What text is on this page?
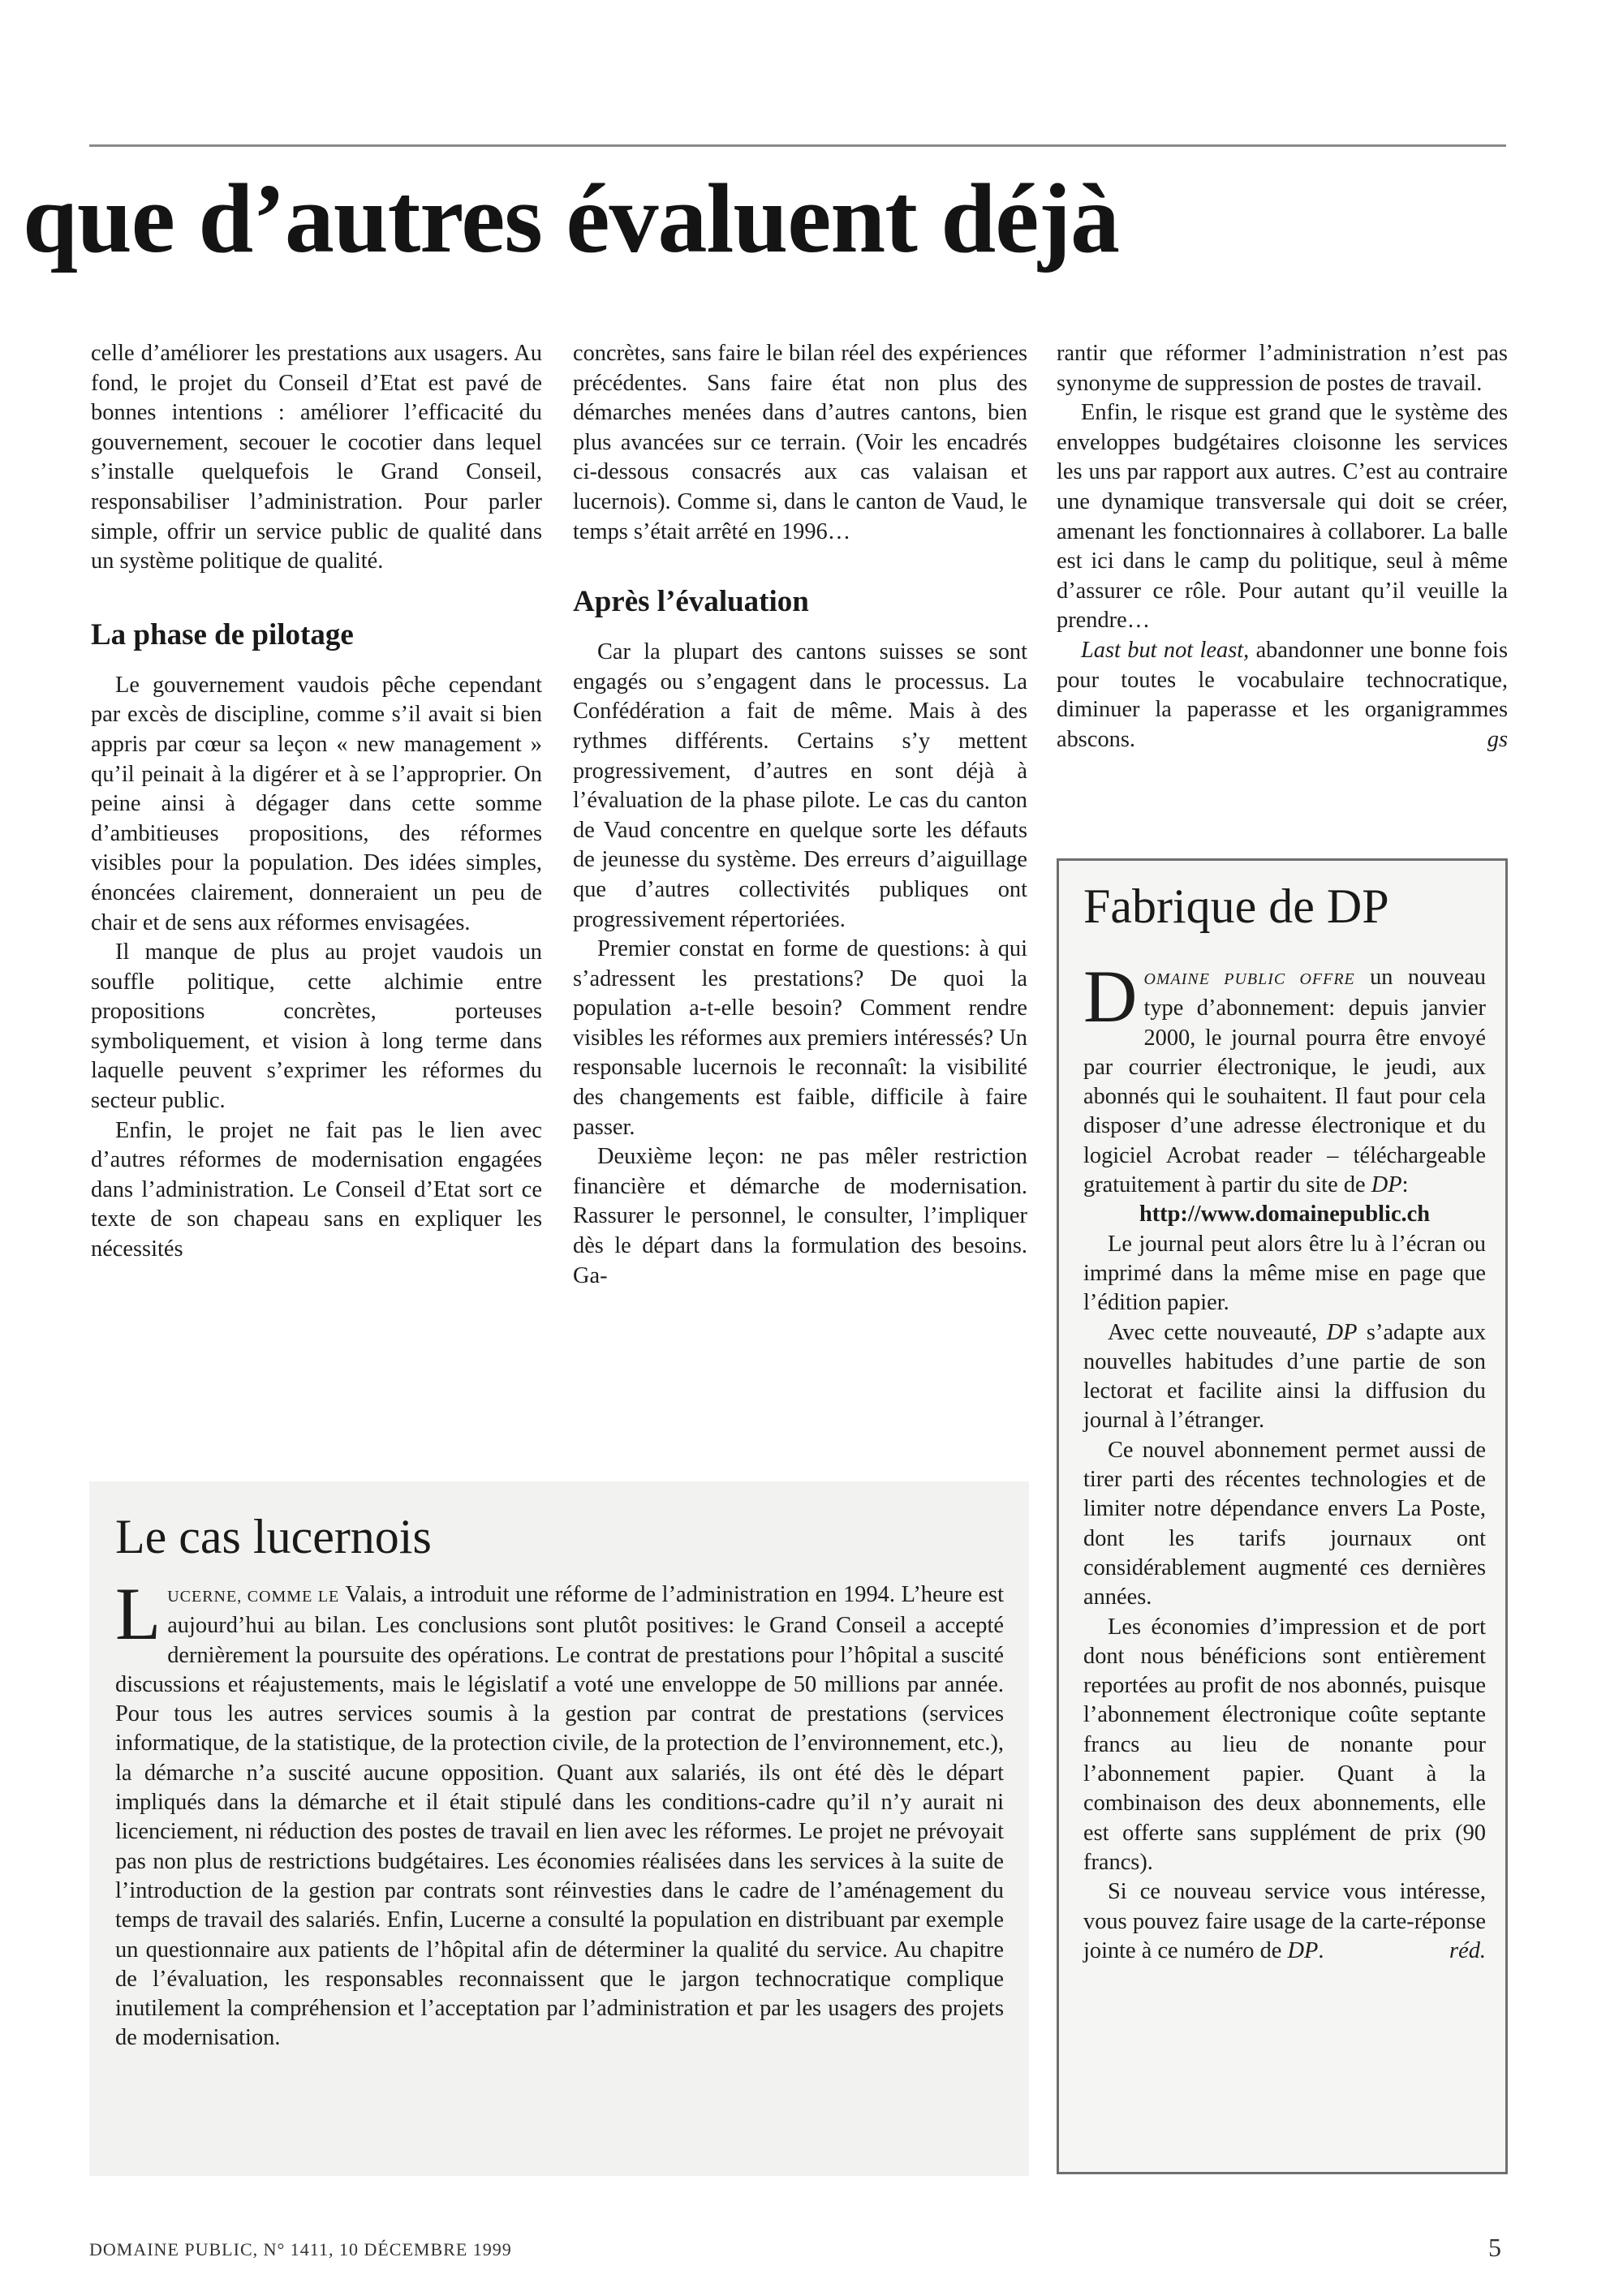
que d’autres évaluent déjà

celle d’améliorer les prestations aux usagers. Au fond, le projet du Conseil d’Etat est pavé de bonnes intentions : améliorer l’efficacité du gouvernement, secouer le cocotier dans lequel s’installe quelquefois le Grand Conseil, responsabiliser l’administration. Pour parler simple, offrir un service public de qualité dans un système politique de qualité.

La phase de pilotage

Le gouvernement vaudois pêche cependant par excès de discipline, comme s’il avait si bien appris par cœur sa leçon « new management » qu’il peinait à la digérer et à se l’approprier. On peine ainsi à dégager dans cette somme d’ambitieuses propositions, des réformes visibles pour la population. Des idées simples, énoncées clairement, donneraient un peu de chair et de sens aux réformes envisagées.

Il manque de plus au projet vaudois un souffle politique, cette alchimie entre propositions concrètes, porteuses symboliquement, et vision à long terme dans laquelle peuvent s’exprimer les réformes du secteur public.

Enfin, le projet ne fait pas le lien avec d’autres réformes de modernisation engagées dans l’administration. Le Conseil d’Etat sort ce texte de son chapeau sans en expliquer les nécessités

concrètes, sans faire le bilan réel des expériences précédentes. Sans faire état non plus des démarches menées dans d’autres cantons, bien plus avancées sur ce terrain. (Voir les encadrés ci-dessous consacrés aux cas valaisan et lucernois). Comme si, dans le canton de Vaud, le temps s’était arrêté en 1996…

Après l’évaluation

Car la plupart des cantons suisses se sont engagés ou s’engagent dans le processus. La Confédération a fait de même. Mais à des rythmes différents. Certains s’y mettent progressivement, d’autres en sont déjà à l’évaluation de la phase pilote. Le cas du canton de Vaud concentre en quelque sorte les défauts de jeunesse du système. Des erreurs d’aiguillage que d’autres collectivités publiques ont progressivement répertoriées.

Premier constat en forme de questions: à qui s’adressent les prestations? De quoi la population a-t-elle besoin? Comment rendre visibles les réformes aux premiers intéressés? Un responsable lucernois le reconnaît: la visibilité des changements est faible, difficile à faire passer.

Deuxième leçon: ne pas mêler restriction financière et démarche de modernisation. Rassurer le personnel, le consulter, l’impliquer dès le départ dans la formulation des besoins. Ga-

rantir que réformer l’administration n’est pas synonyme de suppression de postes de travail.

Enfin, le risque est grand que le système des enveloppes budgétaires cloisonne les services les uns par rapport aux autres. C’est au contraire une dynamique transversale qui doit se créer, amenant les fonctionnaires à collaborer. La balle est ici dans le camp du politique, seul à même d’assurer ce rôle. Pour autant qu’il veuille la prendre…

Last but not least, abandonner une bonne fois pour toutes le vocabulaire technocratique, diminuer la paperasse et les organigrammes abscons.	gs

Le cas lucernois

LUCERNE, COMME LE Valais, a introduit une réforme de l’administration en 1994. L’heure est aujourd’hui au bilan. Les conclusions sont plutôt positives: le Grand Conseil a accepté dernièrement la poursuite des opérations. Le contrat de prestations pour l’hôpital a suscité discussions et réajustements, mais le législatif a voté une enveloppe de 50 millions par année. Pour tous les autres services soumis à la gestion par contrat de prestations (services informatique, de la statistique, de la protection civile, de la protection de l’environnement, etc.), la démarche n’a suscité aucune opposition. Quant aux salariés, ils ont été dès le départ impliqués dans la démarche et il était stipulé dans les conditions-cadre qu’il n’y aurait ni licenciement, ni réduction des postes de travail en lien avec les réformes. Le projet ne prévoyait pas non plus de restrictions budgétaires. Les économies réalisées dans les services à la suite de l’introduction de la gestion par contrats sont réinvesties dans le cadre de l’aménagement du temps de travail des salariés. Enfin, Lucerne a consulté la population en distribuant par exemple un questionnaire aux patients de l’hôpital afin de déterminer la qualité du service. Au chapitre de l’évaluation, les responsables reconnaissent que le jargon technocratique complique inutilement la compréhension et l’acceptation par l’administration et par les usagers des projets de modernisation.

Fabrique de DP

DOMAINE PUBLIC OFFRE un nouveau type d’abonnement: depuis janvier 2000, le journal pourra être envoyé par courrier électronique, le jeudi, aux abonnés qui le souhaitent. Il faut pour cela disposer d’une adresse électronique et du logiciel Acrobat reader – téléchargeable gratuitement à partir du site de DP:

http://www.domainepublic.ch

Le journal peut alors être lu à l’écran ou imprimé dans la même mise en page que l’édition papier.

Avec cette nouveauté, DP s’adapte aux nouvelles habitudes d’une partie de son lectorat et facilite ainsi la diffusion du journal à l’étranger.

Ce nouvel abonnement permet aussi de tirer parti des récentes technologies et de limiter notre dépendance envers La Poste, dont les tarifs journaux ont considérablement augmenté ces dernières années.

Les économies d’impression et de port dont nous bénéficions sont entièrement reportées au profit de nos abonnés, puisque l’abonnement électronique coûte septante francs au lieu de nonante pour l’abonnement papier. Quant à la combinaison des deux abonnements, elle est offerte sans supplément de prix (90 francs).

Si ce nouveau service vous intéresse, vous pouvez faire usage de la carte-réponse jointe à ce numéro de DP.	réd.

DOMAINE PUBLIC, N° 1411, 10 DÉCEMBRE 1999	5
